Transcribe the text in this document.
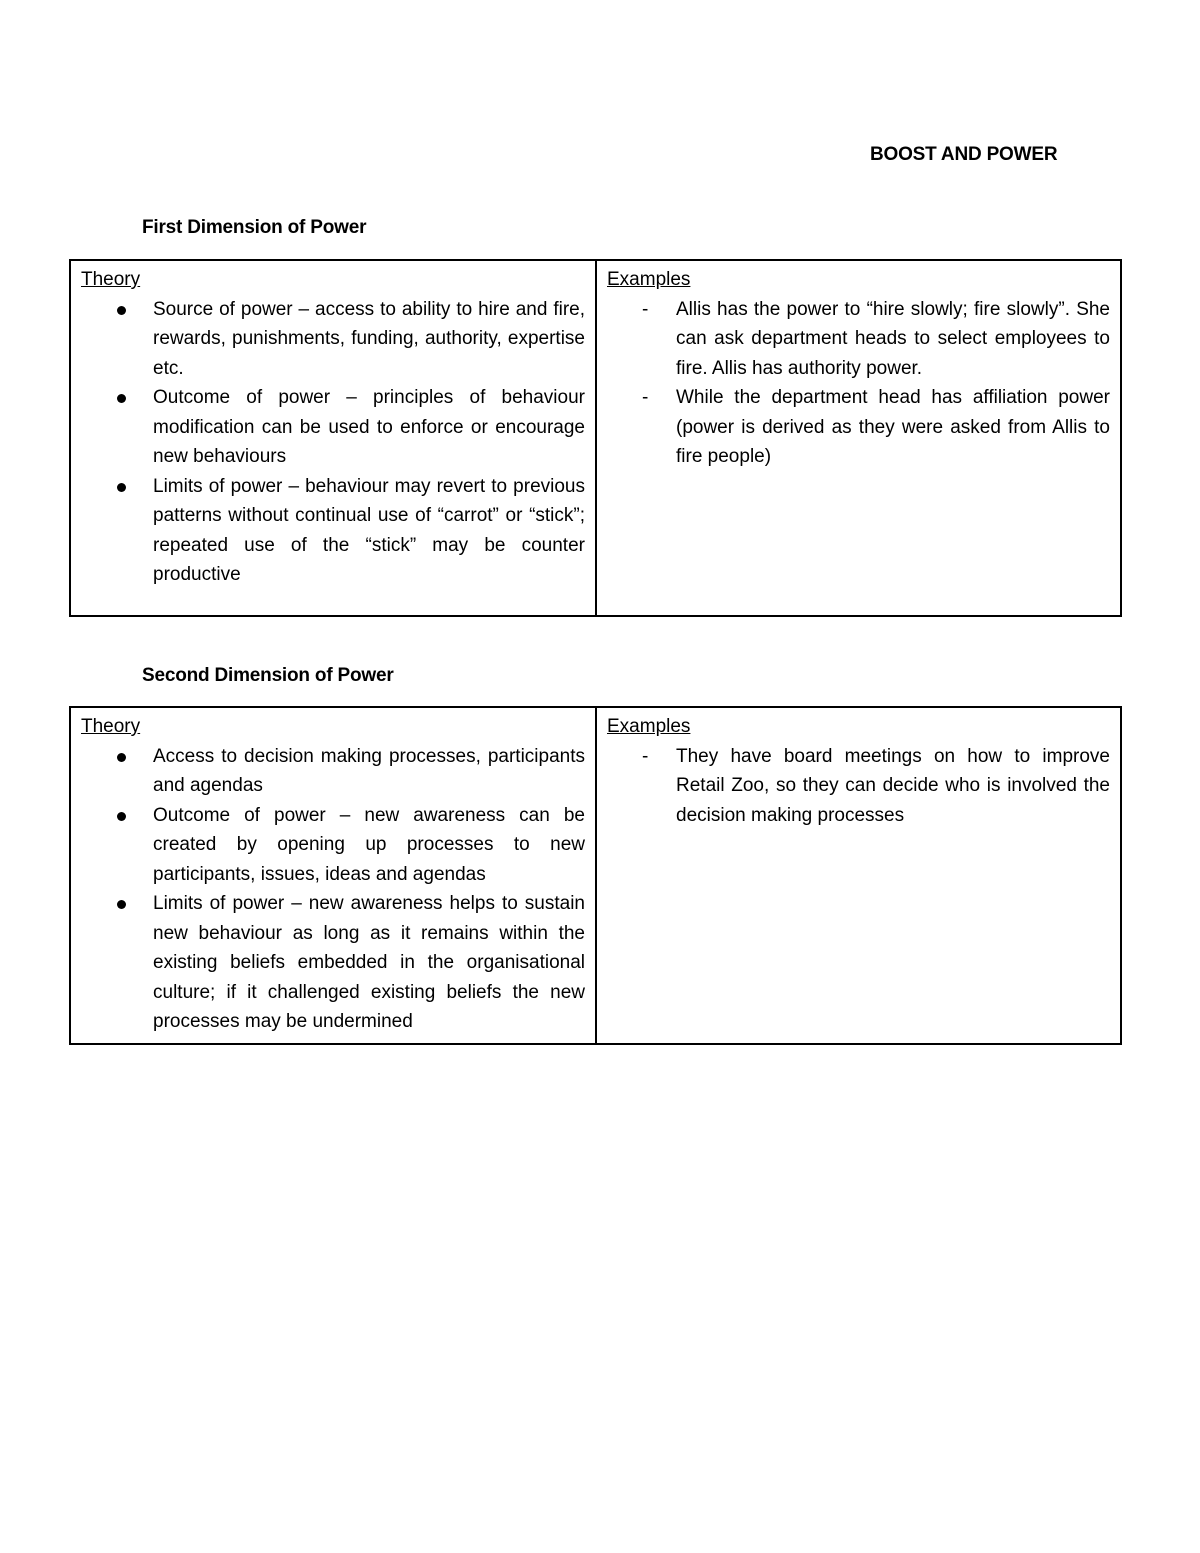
BOOST AND POWER
First Dimension of Power
Theory
Source of power – access to ability to hire and fire, rewards, punishments, funding, authority, expertise etc.
Outcome of power – principles of behaviour modification can be used to enforce or encourage new behaviours
Limits of power – behaviour may revert to previous patterns without continual use of “carrot” or “stick”; repeated use of the “stick” may be counter productive

Examples
- Allis has the power to “hire slowly; fire slowly”. She can ask department heads to select employees to fire. Allis has authority power.
- While the department head has affiliation power (power is derived as they were asked from Allis to fire people)
Second Dimension of Power
Theory
Access to decision making processes, participants and agendas
Outcome of power – new awareness can be created by opening up processes to new participants, issues, ideas and agendas
Limits of power – new awareness helps to sustain new behaviour as long as it remains within the existing beliefs embedded in the organisational culture; if it challenged existing beliefs the new processes may be undermined

Examples
- They have board meetings on how to improve Retail Zoo, so they can decide who is involved the decision making processes
